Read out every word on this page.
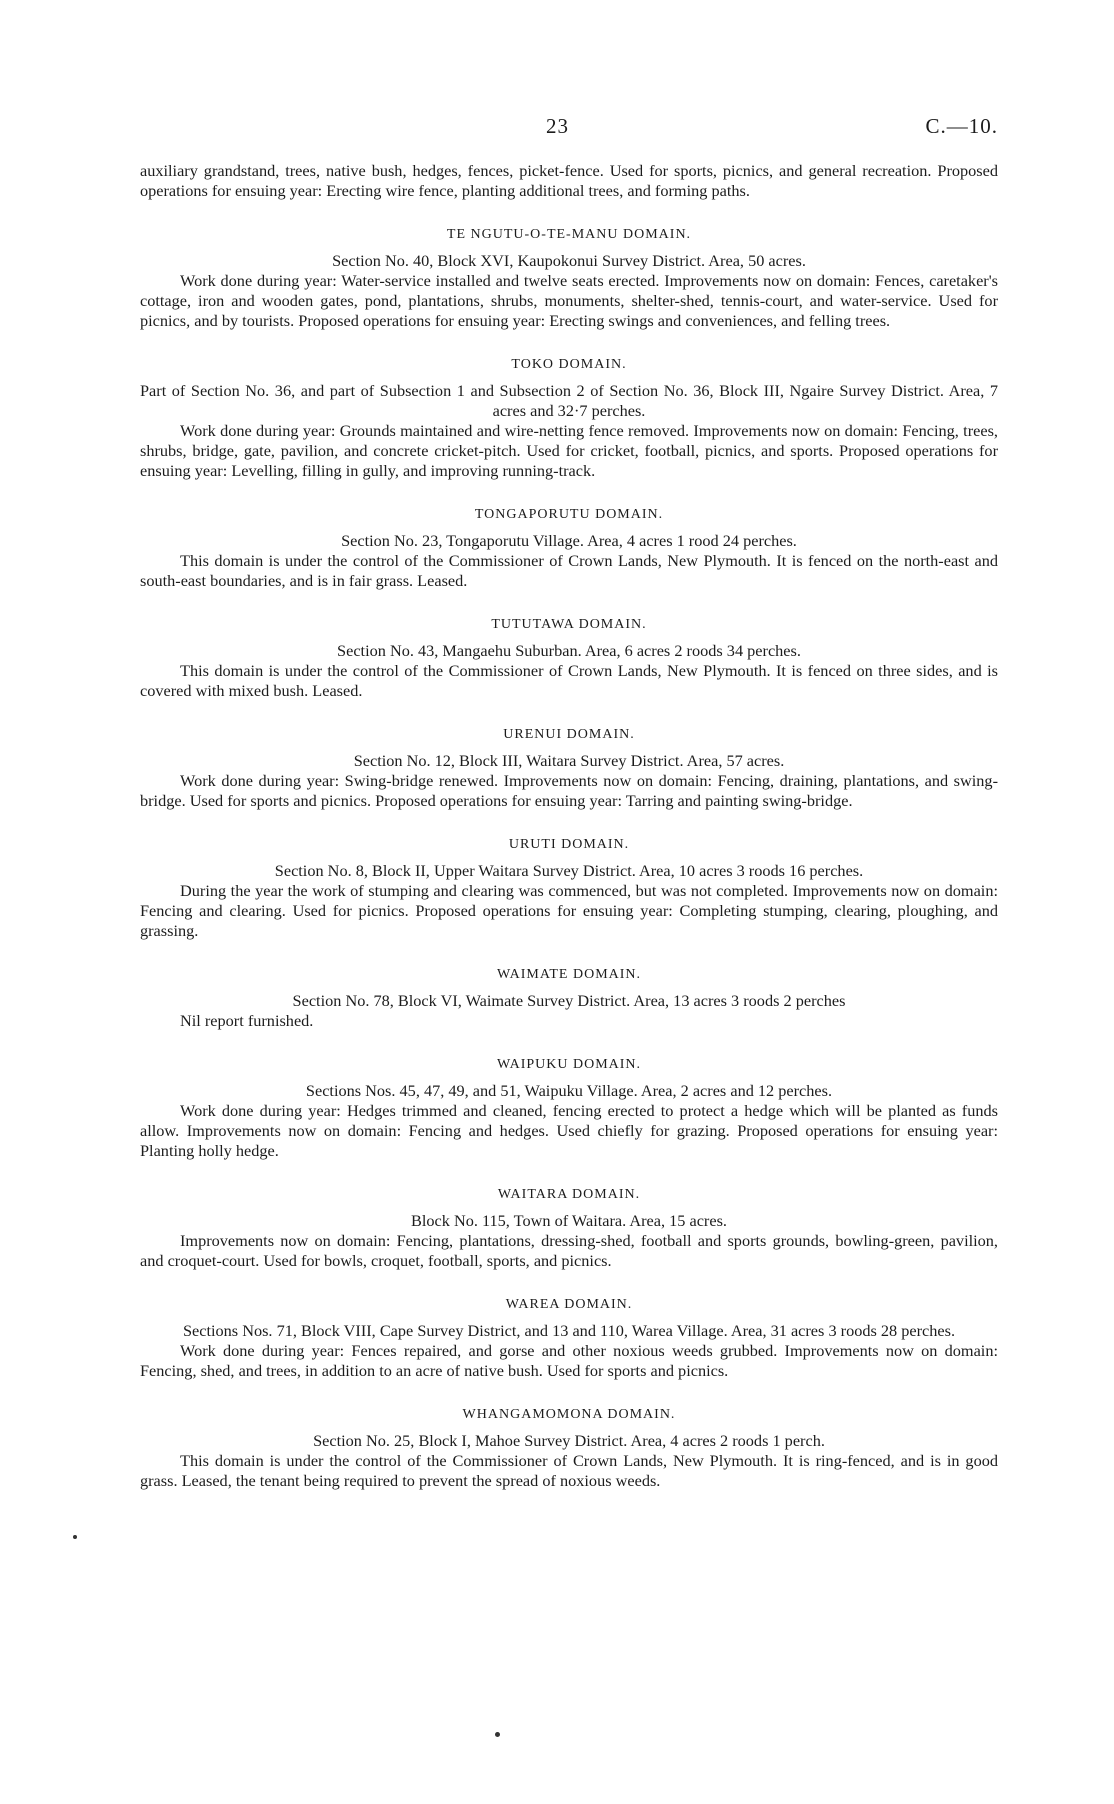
23	C.—10.

auxiliary grandstand, trees, native bush, hedges, fences, picket-fence. Used for sports, picnics, and general recreation. Proposed operations for ensuing year: Erecting wire fence, planting additional trees, and forming paths.

TE NGUTU-O-TE-MANU DOMAIN.

Section No. 40, Block XVI, Kaupokonui Survey District. Area, 50 acres.

Work done during year: Water-service installed and twelve seats erected. Improvements now on domain: Fences, caretaker's cottage, iron and wooden gates, pond, plantations, shrubs, monuments, shelter-shed, tennis-court, and water-service. Used for picnics, and by tourists. Proposed operations for ensuing year: Erecting swings and conveniences, and felling trees.

TOKO DOMAIN.

Part of Section No. 36, and part of Subsection 1 and Subsection 2 of Section No. 36, Block III, Ngaire Survey District. Area, 7 acres and 32·7 perches.

Work done during year: Grounds maintained and wire-netting fence removed. Improvements now on domain: Fencing, trees, shrubs, bridge, gate, pavilion, and concrete cricket-pitch. Used for cricket, football, picnics, and sports. Proposed operations for ensuing year: Levelling, filling in gully, and improving running-track.

TONGAPORUTU DOMAIN.

Section No. 23, Tongaporutu Village. Area, 4 acres 1 rood 24 perches.

This domain is under the control of the Commissioner of Crown Lands, New Plymouth. It is fenced on the north-east and south-east boundaries, and is in fair grass. Leased.

TUTUTAWA DOMAIN.

Section No. 43, Mangaehu Suburban. Area, 6 acres 2 roods 34 perches.

This domain is under the control of the Commissioner of Crown Lands, New Plymouth. It is fenced on three sides, and is covered with mixed bush. Leased.

URENUI DOMAIN.

Section No. 12, Block III, Waitara Survey District. Area, 57 acres.

Work done during year: Swing-bridge renewed. Improvements now on domain: Fencing, draining, plantations, and swing-bridge. Used for sports and picnics. Proposed operations for ensuing year: Tarring and painting swing-bridge.

URUTI DOMAIN.

Section No. 8, Block II, Upper Waitara Survey District. Area, 10 acres 3 roods 16 perches.

During the year the work of stumping and clearing was commenced, but was not completed. Improvements now on domain: Fencing and clearing. Used for picnics. Proposed operations for ensuing year: Completing stumping, clearing, ploughing, and grassing.

WAIMATE DOMAIN.

Section No. 78, Block VI, Waimate Survey District. Area, 13 acres 3 roods 2 perches

Nil report furnished.

WAIPUKU DOMAIN.

Sections Nos. 45, 47, 49, and 51, Waipuku Village. Area, 2 acres and 12 perches.

Work done during year: Hedges trimmed and cleaned, fencing erected to protect a hedge which will be planted as funds allow. Improvements now on domain: Fencing and hedges. Used chiefly for grazing. Proposed operations for ensuing year: Planting holly hedge.

WAITARA DOMAIN.

Block No. 115, Town of Waitara. Area, 15 acres.

Improvements now on domain: Fencing, plantations, dressing-shed, football and sports grounds, bowling-green, pavilion, and croquet-court. Used for bowls, croquet, football, sports, and picnics.

WAREA DOMAIN.

Sections Nos. 71, Block VIII, Cape Survey District, and 13 and 110, Warea Village. Area, 31 acres 3 roods 28 perches.

Work done during year: Fences repaired, and gorse and other noxious weeds grubbed. Improvements now on domain: Fencing, shed, and trees, in addition to an acre of native bush. Used for sports and picnics.

WHANGAMOMONA DOMAIN.

Section No. 25, Block I, Mahoe Survey District. Area, 4 acres 2 roods 1 perch.

This domain is under the control of the Commissioner of Crown Lands, New Plymouth. It is ring-fenced, and is in good grass. Leased, the tenant being required to prevent the spread of noxious weeds.
